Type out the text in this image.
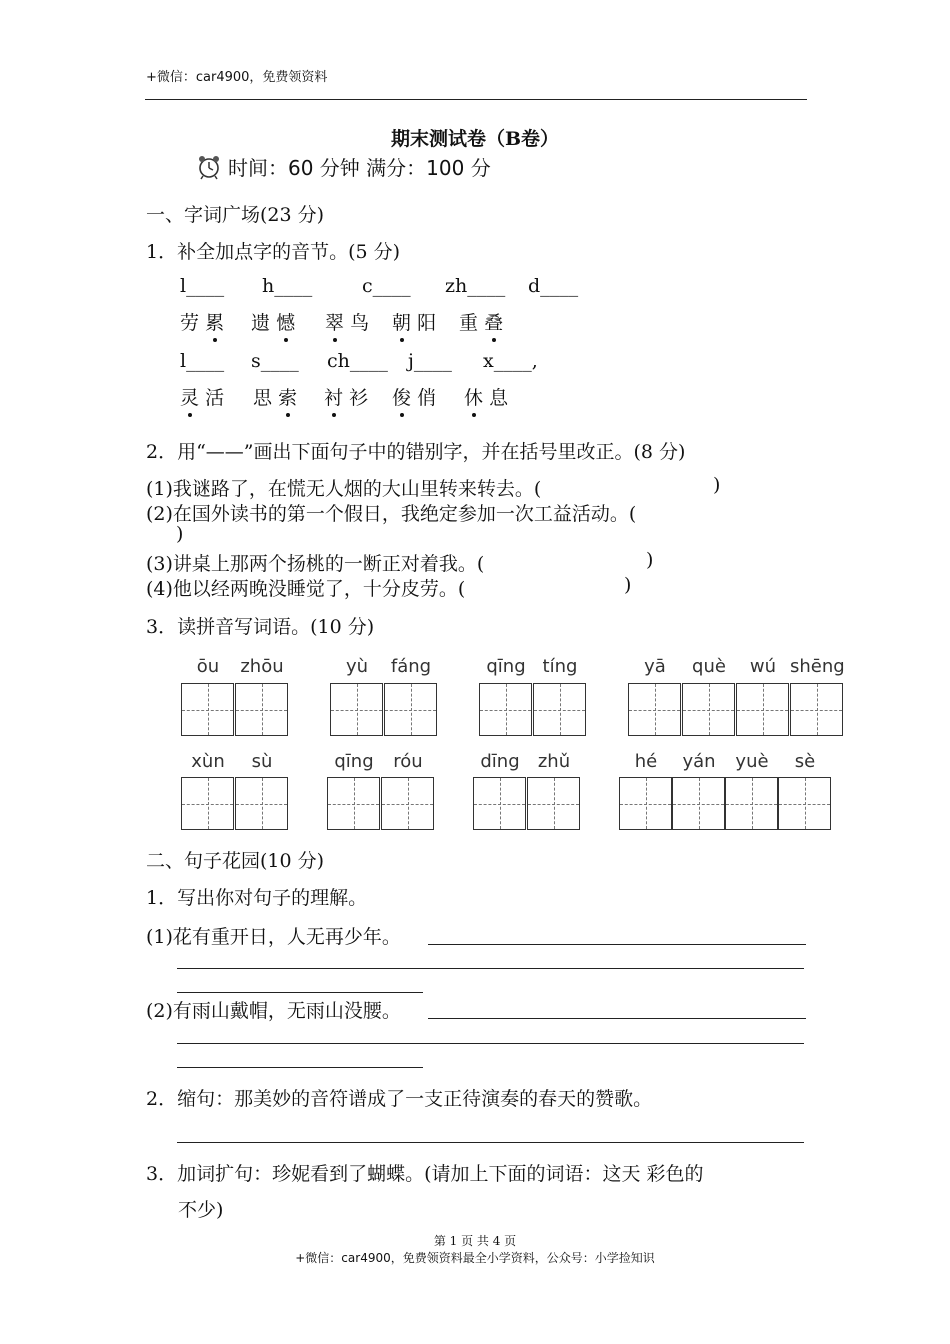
+微信：car4900，免费领资料
期末测试卷（B卷）
时间：60 分钟 满分：100 分
一、字词广场(23 分)
1．补全加点字的音节。(5 分)
l____ h____	c____ zh____ d____
劳 累 遗 憾 翠 鸟 朝 阳 重 叠
l____ s____ ch____ j____ x____,
灵 活 思 索 衬 衫 俊 俏 休 息
2．用“——”画出下面句子中的错别字，并在括号里改正。(8 分)
(1)我谜路了，在慌无人烟的大山里转来转去。(	)
(2)在国外读书的第一个假日，我绝定参加一次工益活动。(
)
(3)讲桌上那两个扬桃的一断正对着我。(	)
(4)他以经两晚没睡觉了，十分皮劳。(	)
3．读拼音写词语。(10 分)
ōu	zhōu	yù	fáng	qīng tíng	yā	què	wú shēng
xùn	sù	qīng	róu	dīng	zhǔ	hé	yán	yuè	sè
二、句子花园(10 分)
1．写出你对句子的理解。
(1)花有重开日，人无再少年。
(2)有雨山戴帽，无雨山没腰。
2．缩句：那美妙的音符谱成了一支正待演奏的春天的赞歌。
3．加词扩句：珍妮看到了蝴蝶。(请加上下面的词语：这天 彩色的
不少)
第 1 页 共 4 页
+微信：car4900，免费领资料最全小学资料，公众号：小学捡知识
